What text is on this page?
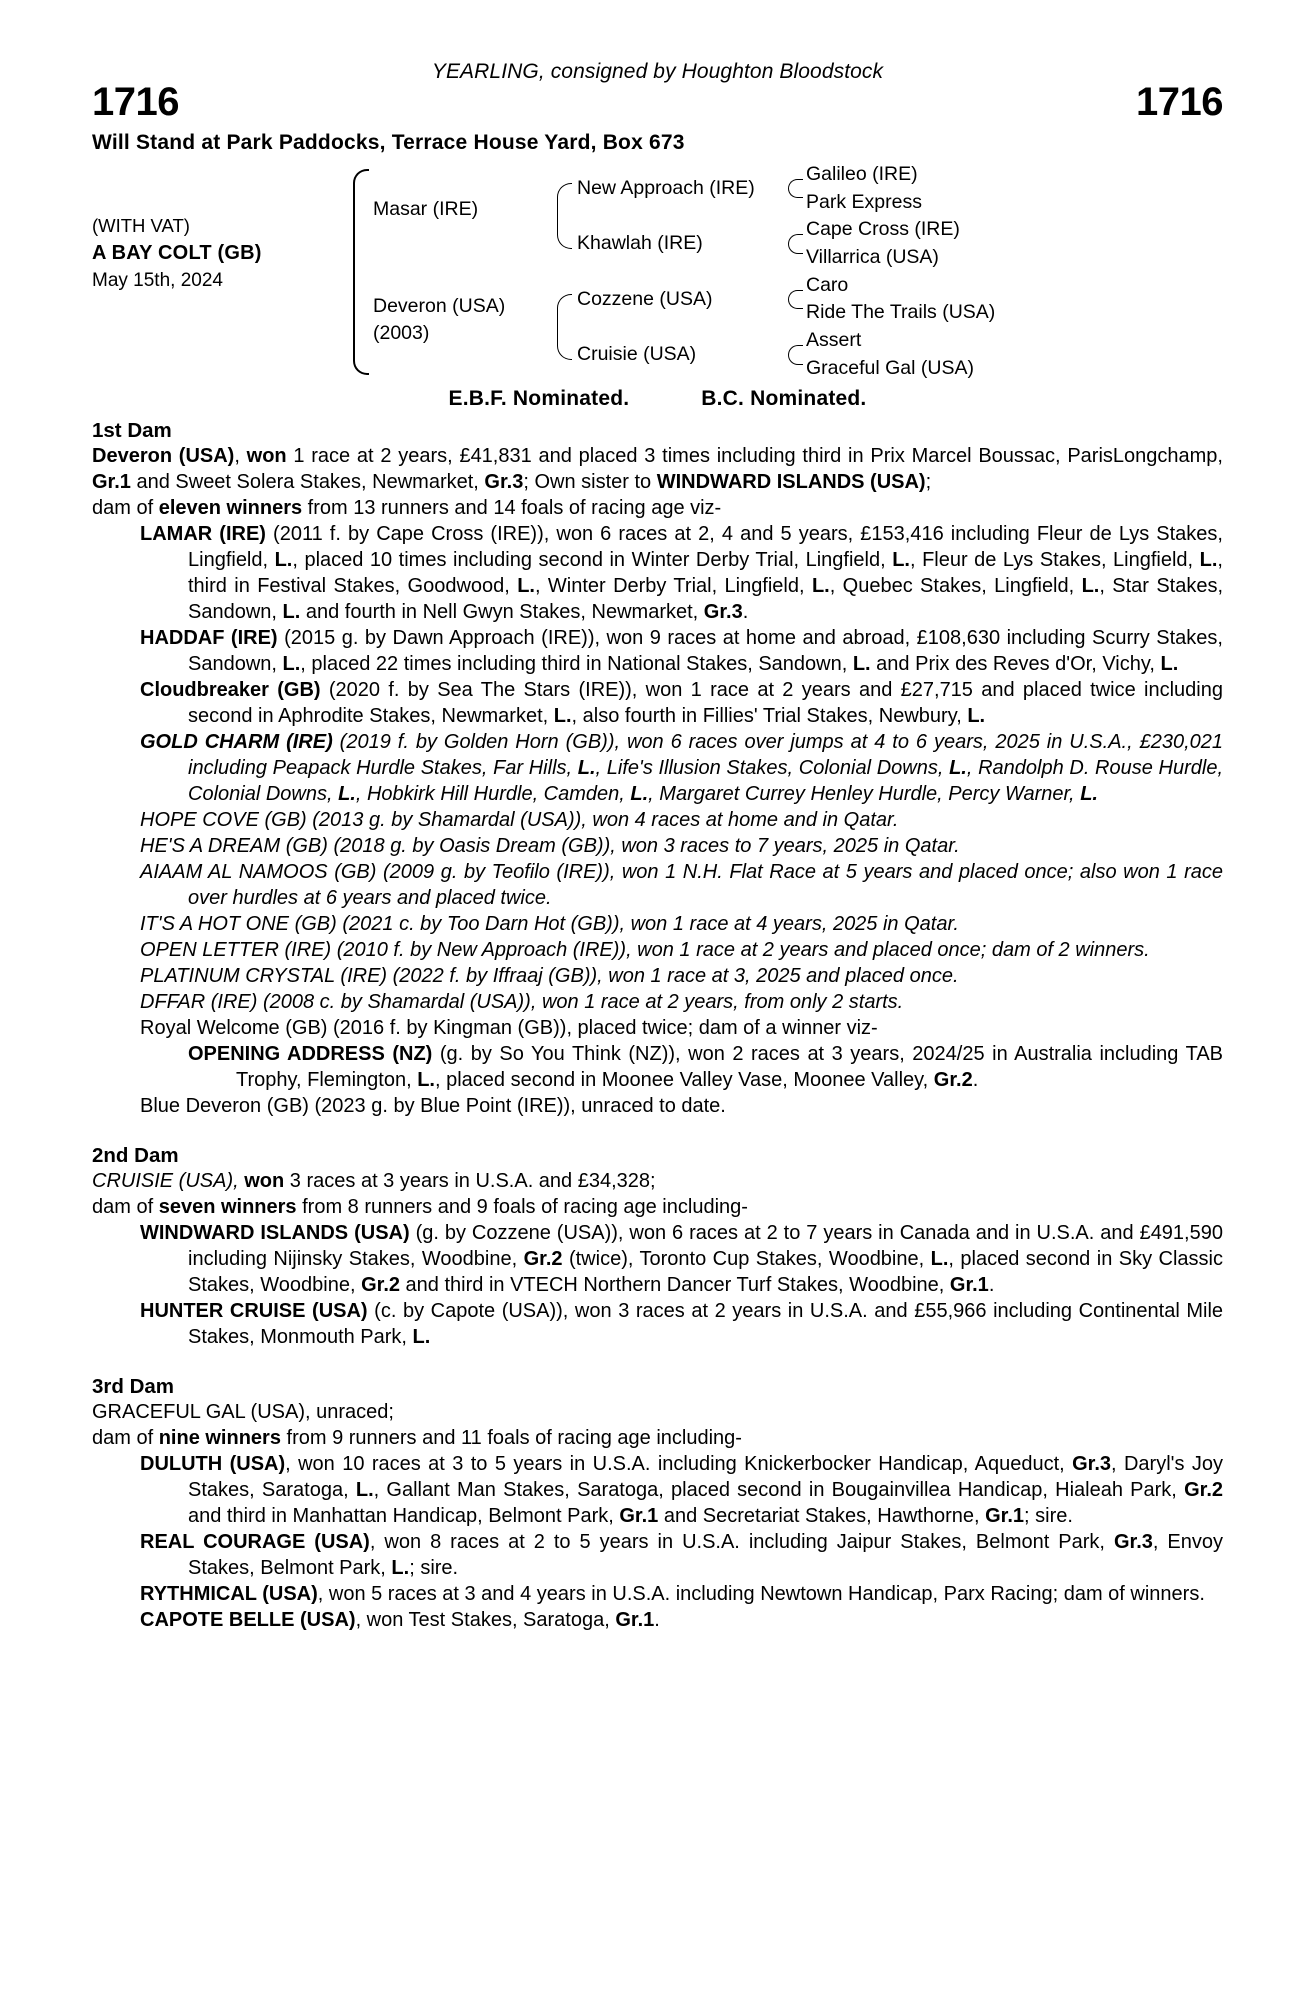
YEARLING, consigned by Houghton Bloodstock
1716	1716
Will Stand at Park Paddocks, Terrace House Yard, Box 673
(WITH VAT)
A BAY COLT (GB)
May 15th, 2024
Masar (IRE)
Deveron (USA)
(2003)
New Approach (IRE)
Khawlah (IRE)
Cozzene (USA)
Cruisie (USA)
Galileo (IRE)
Park Express
Cape Cross (IRE)
Villarrica (USA)
Caro
Ride The Trails (USA)
Assert
Graceful Gal (USA)
E.B.F. Nominated.	B.C. Nominated.
1st Dam

Deveron (USA), won 1 race at 2 years, £41,831 and placed 3 times including third in Prix Marcel Boussac, ParisLongchamp, Gr.1 and Sweet Solera Stakes, Newmarket, Gr.3; Own sister to WINDWARD ISLANDS (USA);

dam of eleven winners from 13 runners and 14 foals of racing age viz-

LAMAR (IRE) (2011 f. by Cape Cross (IRE)), won 6 races at 2, 4 and 5 years, £153,416 including Fleur de Lys Stakes, Lingfield, L., placed 10 times including second in Winter Derby Trial, Lingfield, L., Fleur de Lys Stakes, Lingfield, L., third in Festival Stakes, Goodwood, L., Winter Derby Trial, Lingfield, L., Quebec Stakes, Lingfield, L., Star Stakes, Sandown, L. and fourth in Nell Gwyn Stakes, Newmarket, Gr.3.

HADDAF (IRE) (2015 g. by Dawn Approach (IRE)), won 9 races at home and abroad, £108,630 including Scurry Stakes, Sandown, L., placed 22 times including third in National Stakes, Sandown, L. and Prix des Reves d'Or, Vichy, L.

Cloudbreaker (GB) (2020 f. by Sea The Stars (IRE)), won 1 race at 2 years and £27,715 and placed twice including second in Aphrodite Stakes, Newmarket, L., also fourth in Fillies' Trial Stakes, Newbury, L.

GOLD CHARM (IRE) (2019 f. by Golden Horn (GB)), won 6 races over jumps at 4 to 6 years, 2025 in U.S.A., £230,021 including Peapack Hurdle Stakes, Far Hills, L., Life's Illusion Stakes, Colonial Downs, L., Randolph D. Rouse Hurdle, Colonial Downs, L., Hobkirk Hill Hurdle, Camden, L., Margaret Currey Henley Hurdle, Percy Warner, L.

HOPE COVE (GB) (2013 g. by Shamardal (USA)), won 4 races at home and in Qatar.

HE'S A DREAM (GB) (2018 g. by Oasis Dream (GB)), won 3 races to 7 years, 2025 in Qatar.

AIAAM AL NAMOOS (GB) (2009 g. by Teofilo (IRE)), won 1 N.H. Flat Race at 5 years and placed once; also won 1 race over hurdles at 6 years and placed twice.

IT'S A HOT ONE (GB) (2021 c. by Too Darn Hot (GB)), won 1 race at 4 years, 2025 in Qatar.

OPEN LETTER (IRE) (2010 f. by New Approach (IRE)), won 1 race at 2 years and placed once; dam of 2 winners.

PLATINUM CRYSTAL (IRE) (2022 f. by Iffraaj (GB)), won 1 race at 3, 2025 and placed once.

DFFAR (IRE) (2008 c. by Shamardal (USA)), won 1 race at 2 years, from only 2 starts.

Royal Welcome (GB) (2016 f. by Kingman (GB)), placed twice; dam of a winner viz-

OPENING ADDRESS (NZ) (g. by So You Think (NZ)), won 2 races at 3 years, 2024/25 in Australia including TAB Trophy, Flemington, L., placed second in Moonee Valley Vase, Moonee Valley, Gr.2.

Blue Deveron (GB) (2023 g. by Blue Point (IRE)), unraced to date.

2nd Dam

CRUISIE (USA), won 3 races at 3 years in U.S.A. and £34,328;

dam of seven winners from 8 runners and 9 foals of racing age including-

WINDWARD ISLANDS (USA) (g. by Cozzene (USA)), won 6 races at 2 to 7 years in Canada and in U.S.A. and £491,590 including Nijinsky Stakes, Woodbine, Gr.2 (twice), Toronto Cup Stakes, Woodbine, L., placed second in Sky Classic Stakes, Woodbine, Gr.2 and third in VTECH Northern Dancer Turf Stakes, Woodbine, Gr.1.

HUNTER CRUISE (USA) (c. by Capote (USA)), won 3 races at 2 years in U.S.A. and £55,966 including Continental Mile Stakes, Monmouth Park, L.

3rd Dam

GRACEFUL GAL (USA), unraced;

dam of nine winners from 9 runners and 11 foals of racing age including-

DULUTH (USA), won 10 races at 3 to 5 years in U.S.A. including Knickerbocker Handicap, Aqueduct, Gr.3, Daryl's Joy Stakes, Saratoga, L., Gallant Man Stakes, Saratoga, placed second in Bougainvillea Handicap, Hialeah Park, Gr.2 and third in Manhattan Handicap, Belmont Park, Gr.1 and Secretariat Stakes, Hawthorne, Gr.1; sire.

REAL COURAGE (USA), won 8 races at 2 to 5 years in U.S.A. including Jaipur Stakes, Belmont Park, Gr.3, Envoy Stakes, Belmont Park, L.; sire.

RYTHMICAL (USA), won 5 races at 3 and 4 years in U.S.A. including Newtown Handicap, Parx Racing; dam of winners.

CAPOTE BELLE (USA), won Test Stakes, Saratoga, Gr.1.
